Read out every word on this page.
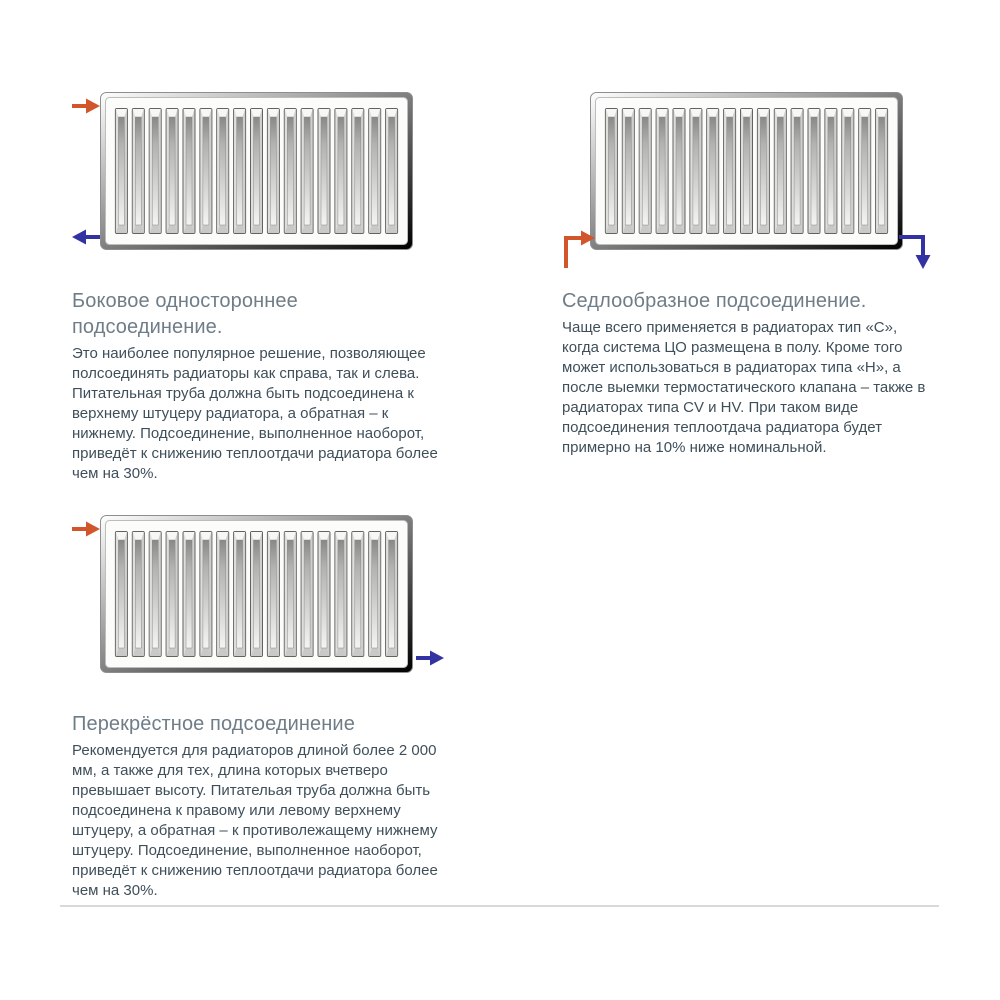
Боковое одностороннее подсоединение.

Это наиболее популярное решение, позволяющее полсоединять радиаторы как справа, так и слева. Питательная труба должна быть подсоединена к верхнему штуцеру радиатора, а обратная – к нижнему. Подсоединение, выполненное наоборот, приведёт к снижению теплоотдачи радиатора более чем на 30%.

Седлообразное подсоединение.

Чаще всего применяется в радиаторах тип «С», когда система ЦО размещена в полу. Кроме того может использоваться в радиаторах типа «Н», а после выемки термостатического клапана – также в радиаторах типа CV и HV. При таком виде подсоединения теплоотдача радиатора будет примерно на 10% ниже номинальной.

Перекрёстное подсоединение

Рекомендуется для радиаторов длиной более 2 000 мм, а также для тех, длина которых вчетверо превышает высоту. Питательая труба должна быть подсоединена к правому или левому верхнему штуцеру, а обратная – к противолежащему нижнему штуцеру. Подсоединение, выполненное наоборот, приведёт к снижению теплоотдачи радиатора более чем на 30%.
